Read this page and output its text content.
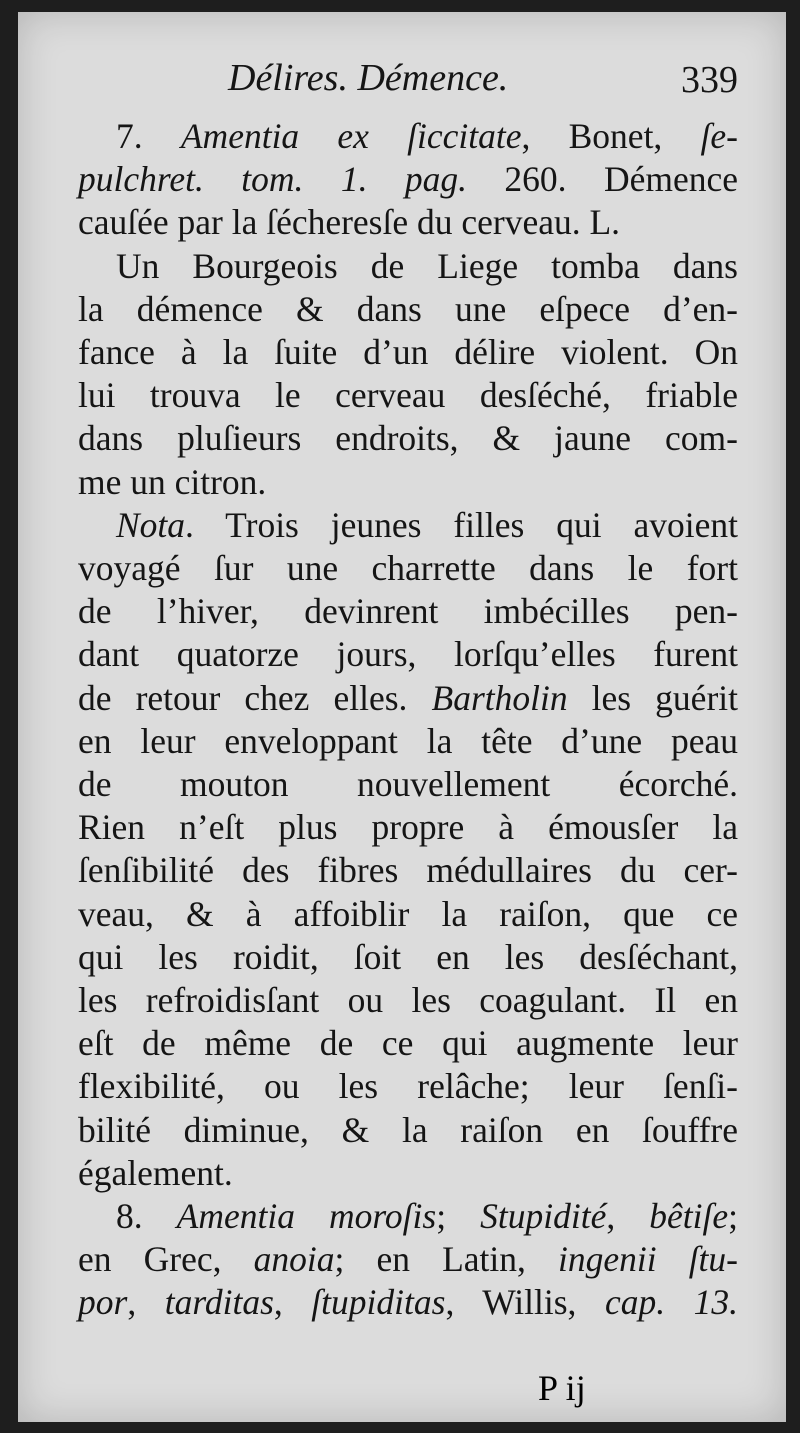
Délires. Démence.	339
7. Amentia ex ſiccitate, Bonet, ſe-
pulchret. tom. 1. pag. 260. Démence
cauſée par la ſécheresſe du cerveau. L.
Un Bourgeois de Liege tomba dans
la démence & dans une eſpece d’en-
fance à la ſuite d’un délire violent. On
lui trouva le cerveau desſéché, friable
dans pluſieurs endroits, & jaune com-
me un citron.
Nota. Trois jeunes filles qui avoient
voyagé ſur une charrette dans le fort
de l’hiver, devinrent imbécilles pen-
dant quatorze jours, lorſqu’elles furent
de retour chez elles. Bartholin les guérit
en leur enveloppant la tête d’une peau
de mouton nouvellement écorché.
Rien n’eſt plus propre à émousſer la
ſenſibilité des fibres médullaires du cer-
veau, & à affoiblir la raiſon, que ce
qui les roidit, ſoit en les desſéchant,
les refroidisſant ou les coagulant. Il en
eſt de même de ce qui augmente leur
flexibilité, ou les relâche; leur ſenſi-
bilité diminue, & la raiſon en ſouffre
également.
8. Amentia moroſis; Stupidité, bêtiſe;
en Grec, anoia; en Latin, ingenii ſtu-
por, tarditas, ſtupiditas, Willis, cap. 13.
P ij
